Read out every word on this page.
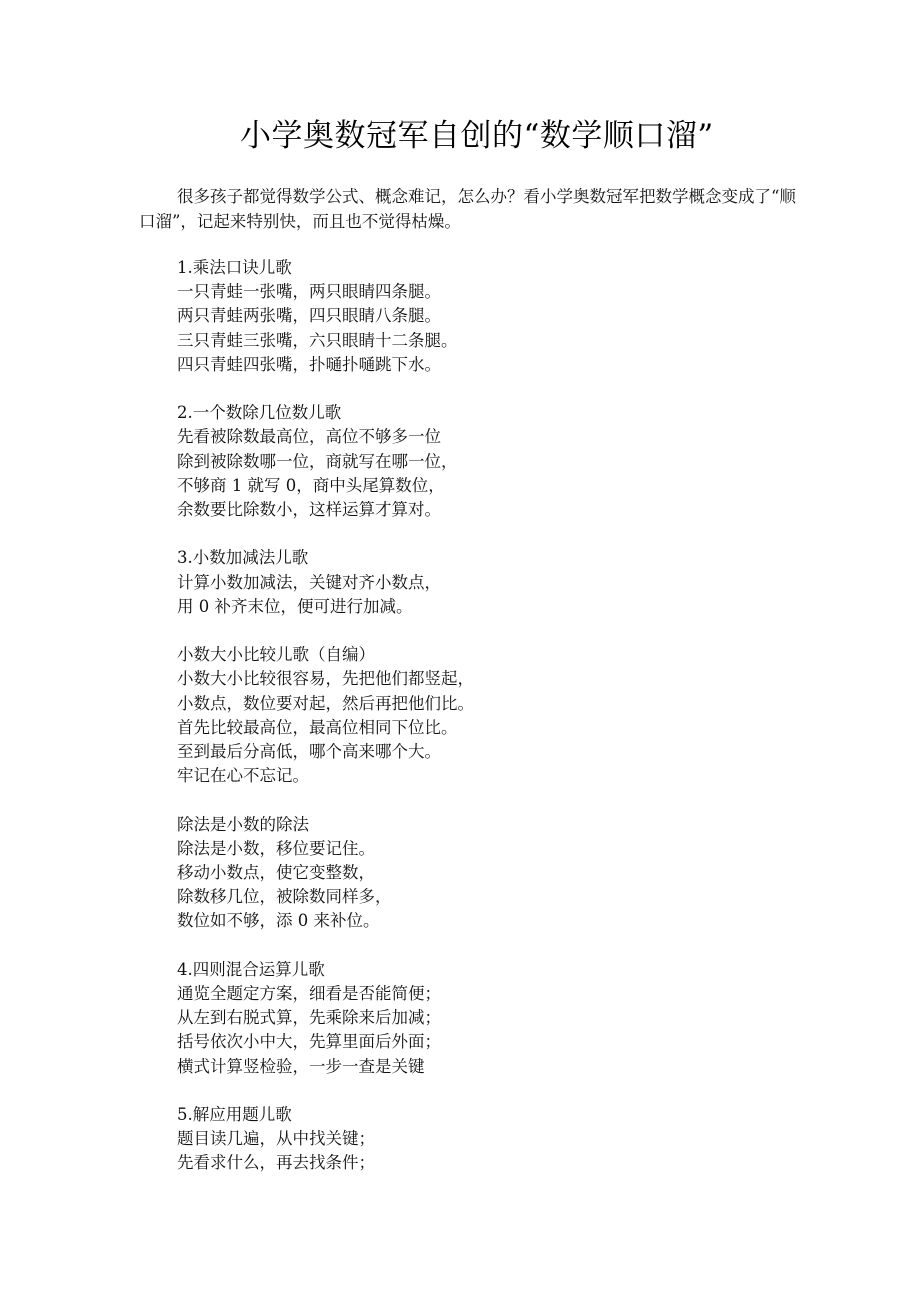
小学奥数冠军自创的“数学顺口溜”

很多孩子都觉得数学公式、概念难记，怎么办？看小学奥数冠军把数学概念变成了“顺口溜”，记起来特别快，而且也不觉得枯燥。

1.乘法口诀儿歌
一只青蛙一张嘴，两只眼睛四条腿。
两只青蛙两张嘴，四只眼睛八条腿。
三只青蛙三张嘴，六只眼睛十二条腿。
四只青蛙四张嘴，扑嗵扑嗵跳下水。
2.一个数除几位数儿歌
先看被除数最高位，高位不够多一位
除到被除数哪一位，商就写在哪一位，
不够商 1 就写 0，商中头尾算数位，
余数要比除数小，这样运算才算对。
3.小数加减法儿歌
计算小数加减法，关键对齐小数点，
用 0 补齐末位，便可进行加减。
小数大小比较儿歌（自编）
小数大小比较很容易，先把他们都竖起，
小数点，数位要对起，然后再把他们比。
首先比较最高位，最高位相同下位比。
至到最后分高低，哪个高来哪个大。
牢记在心不忘记。
除法是小数的除法
除法是小数，移位要记住。
移动小数点，使它变整数，
除数移几位，被除数同样多，
数位如不够，添 0 来补位。
4.四则混合运算儿歌
通览全题定方案，细看是否能简便；
从左到右脱式算，先乘除来后加减；
括号依次小中大，先算里面后外面；
横式计算竖检验，一步一查是关键
5.解应用题儿歌
题目读几遍，从中找关键；
先看求什么，再去找条件；
